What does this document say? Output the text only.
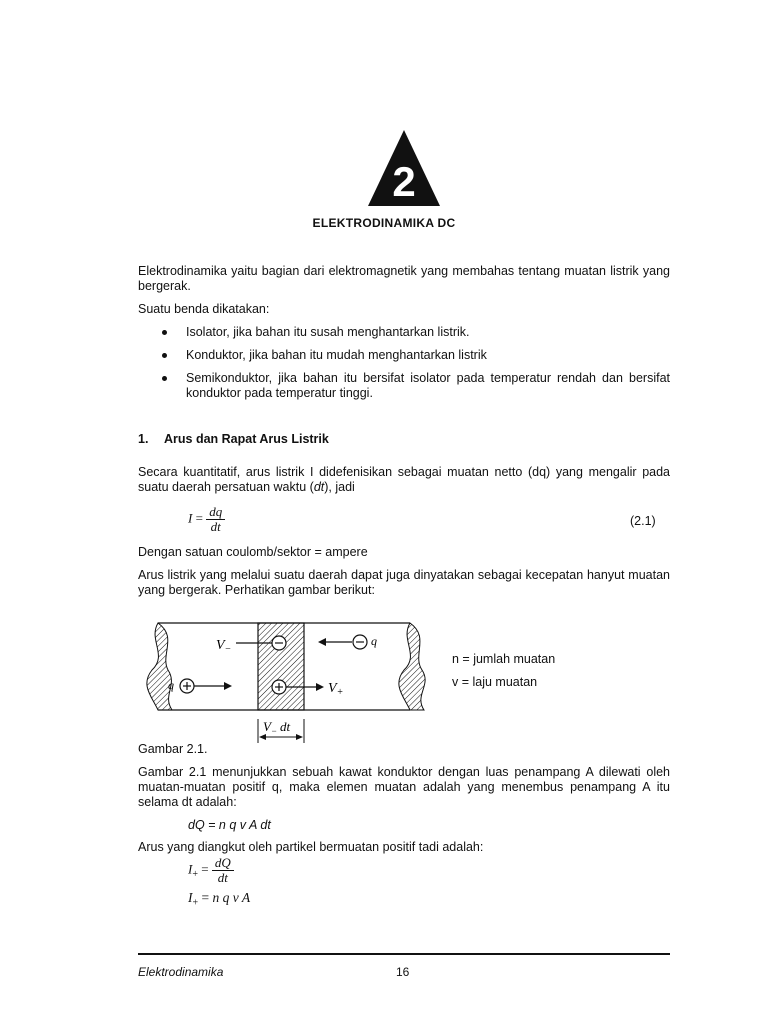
2
ELEKTRODINAMIKA DC
Elektrodinamika yaitu bagian dari elektromagnetik yang membahas tentang muatan listrik yang bergerak.
Suatu benda dikatakan:
Isolator, jika bahan itu susah menghantarkan listrik.
Konduktor, jika bahan itu mudah menghantarkan listrik
Semikonduktor, jika bahan itu bersifat isolator pada temperatur rendah dan bersifat konduktor pada temperatur tinggi.
1. Arus dan Rapat Arus Listrik
Secara kuantitatif, arus listrik I didefenisikan sebagai muatan netto (dq) yang mengalir pada suatu daerah persatuan waktu (dt), jadi
$I = \frac{dq}{dt}$	(2.1)
Dengan satuan coulomb/sektor = ampere
Arus listrik yang melalui suatu daerah dapat juga dinyatakan sebagai kecepatan hanyut muatan yang bergerak. Perhatikan gambar berikut:
$V_-$
q
q	$V_+$
$V_-$ dt
n = jumlah muatan
v = laju muatan
Gambar 2.1.
Gambar 2.1 menunjukkan sebuah kawat konduktor dengan luas penampang A dilewati oleh muatan-muatan positif q, maka elemen muatan adalah yang menembus penampang A itu selama dt adalah:
dQ = n q v A dt
Arus yang diangkut oleh partikel bermuatan positif tadi adalah:
$I_+ = \frac{dQ}{dt}$
$I_+ = n$ q v A
Elektrodinamika	16
